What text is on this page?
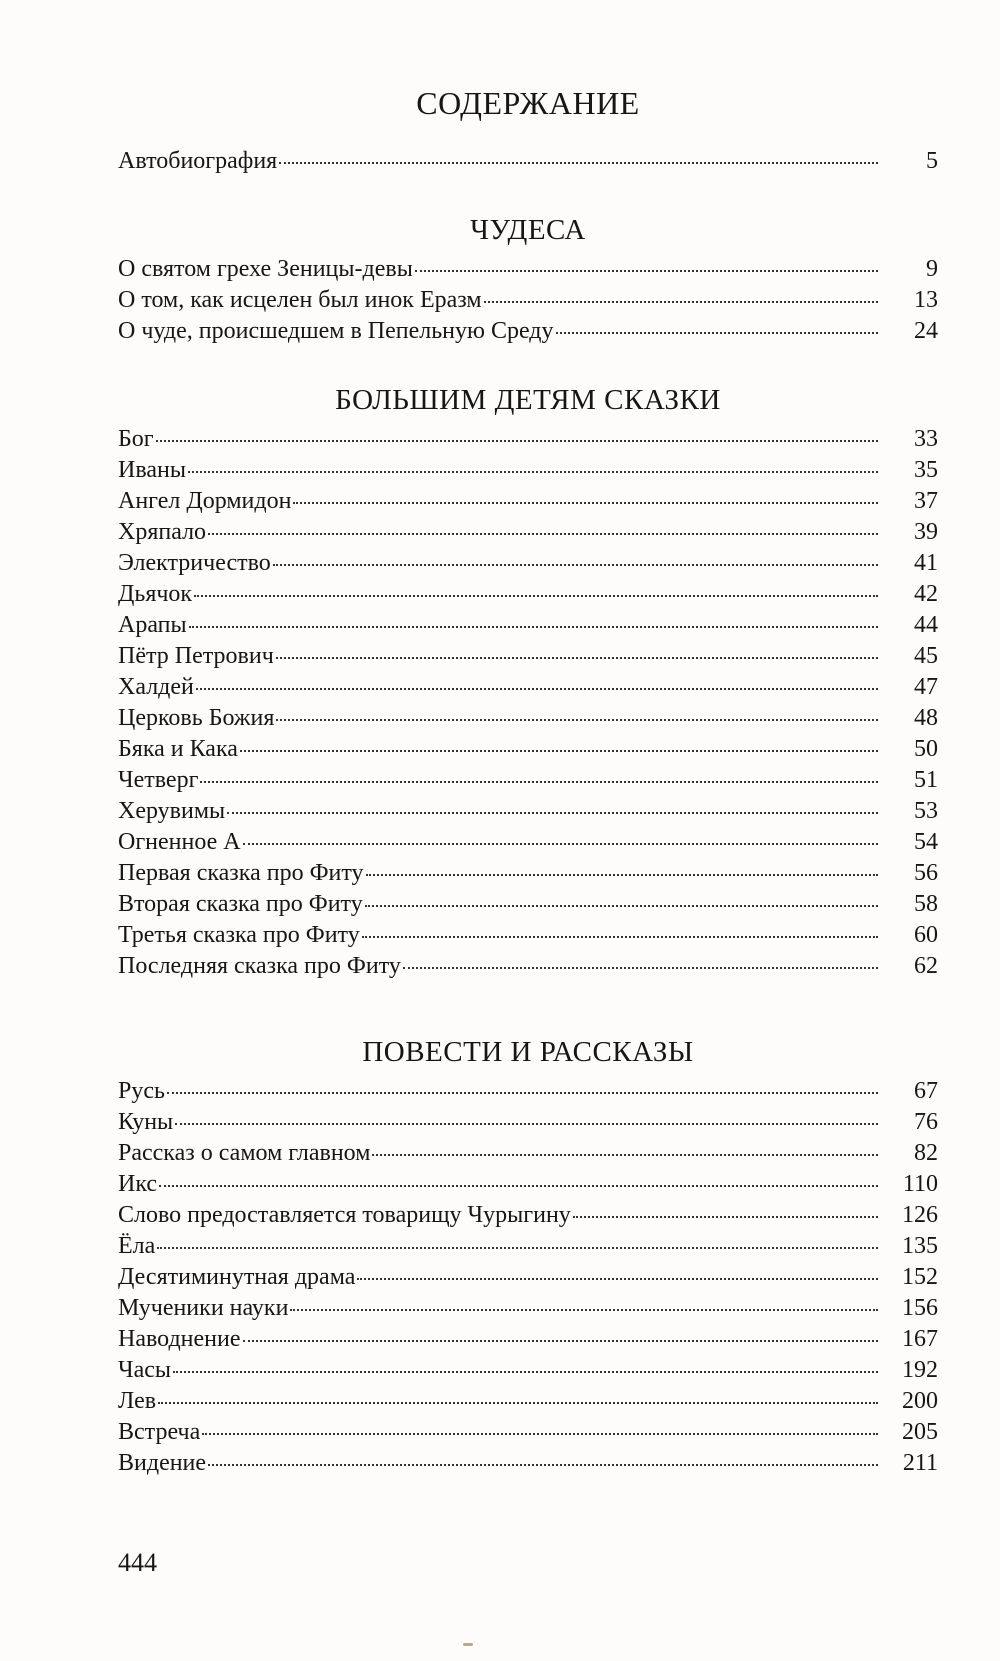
СОДЕРЖАНИЕ
Автобиография	5
ЧУДЕСА
О святом грехе Зеницы-девы	9
О том, как исцелен был инок Еразм	13
О чуде, происшедшем в Пепельную Среду	24
БОЛЬШИМ ДЕТЯМ СКАЗКИ
Бог	33
Иваны	35
Ангел Дормидон	37
Хряпало	39
Электричество	41
Дьячок	42
Арапы	44
Пётр Петрович	45
Халдей	47
Церковь Божия	48
Бяка и Кака	50
Четверг	51
Херувимы	53
Огненное А	54
Первая сказка про Фиту	56
Вторая сказка про Фиту	58
Третья сказка про Фиту	60
Последняя сказка про Фиту	62
ПОВЕСТИ И РАССКАЗЫ
Русь	67
Куны	76
Рассказ о самом главном	82
Икс	110
Слово предоставляется товарищу Чурыгину	126
Ёла	135
Десятиминутная драма	152
Мученики науки	156
Наводнение	167
Часы	192
Лев	200
Встреча	205
Видение	211
444
